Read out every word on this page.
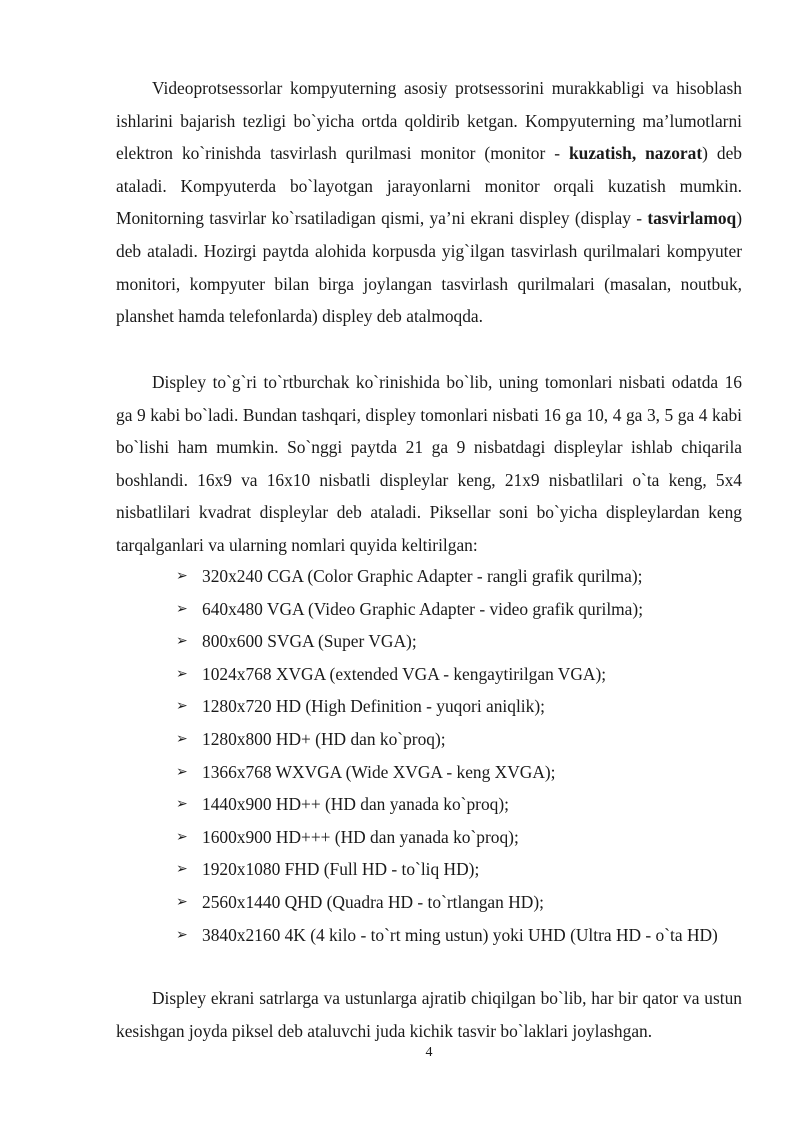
Videoprotsessorlar kompyuterning asosiy protsessorini murakkabligi va hisoblash ishlarini bajarish tezligi bo`yicha ortda qoldirib ketgan. Kompyuterning ma’lumotlarni elektron ko`rinishda tasvirlash qurilmasi monitor (monitor - kuzatish, nazorat) deb ataladi. Kompyuterda bo`layotgan jarayonlarni monitor orqali kuzatish mumkin. Monitorning tasvirlar ko`rsatiladigan qismi, ya’ni ekrani displey (display - tasvirlamoq) deb ataladi. Hozirgi paytda alohida korpusda yig`ilgan tasvirlash qurilmalari kompyuter monitori, kompyuter bilan birga joylangan tasvirlash qurilmalari (masalan, noutbuk, planshet hamda telefonlarda) displey deb atalmoqda.

Displey to`g`ri to`rtburchak ko`rinishida bo`lib, uning tomonlari nisbati odatda 16 ga 9 kabi bo`ladi. Bundan tashqari, displey tomonlari nisbati 16 ga 10, 4 ga 3, 5 ga 4 kabi bo`lishi ham mumkin. So`nggi paytda 21 ga 9 nisbatdagi displeylar ishlab chiqarila boshlandi. 16x9 va 16x10 nisbatli displeylar keng, 21x9 nisbatlilari o`ta keng, 5x4 nisbatlilari kvadrat displeylar deb ataladi. Piksellar soni bo`yicha displeylardan keng tarqalganlari va ularning nomlari quyida keltirilgan:

➢ 320x240 CGA (Color Graphic Adapter - rangli grafik qurilma);
➢ 640x480 VGA (Video Graphic Adapter - video grafik qurilma);
➢ 800x600 SVGA (Super VGA);
➢ 1024x768 XVGA (extended VGA - kengaytirilgan VGA);
➢ 1280x720 HD (High Definition - yuqori aniqlik);
➢ 1280x800 HD+ (HD dan ko`proq);
➢ 1366x768 WXVGA (Wide XVGA - keng XVGA);
➢ 1440x900 HD++ (HD dan yanada ko`proq);
➢ 1600x900 HD+++ (HD dan yanada ko`proq);
➢ 1920x1080 FHD (Full HD - to`liq HD);
➢ 2560x1440 QHD (Quadra HD - to`rtlangan HD);
➢ 3840x2160 4K (4 kilo - to`rt ming ustun) yoki UHD (Ultra HD - o`ta HD)

Displey ekrani satrlarga va ustunlarga ajratib chiqilgan bo`lib, har bir qator va ustun kesishgan joyda piksel deb ataluvchi juda kichik tasvir bo`laklari joylashgan.

4
